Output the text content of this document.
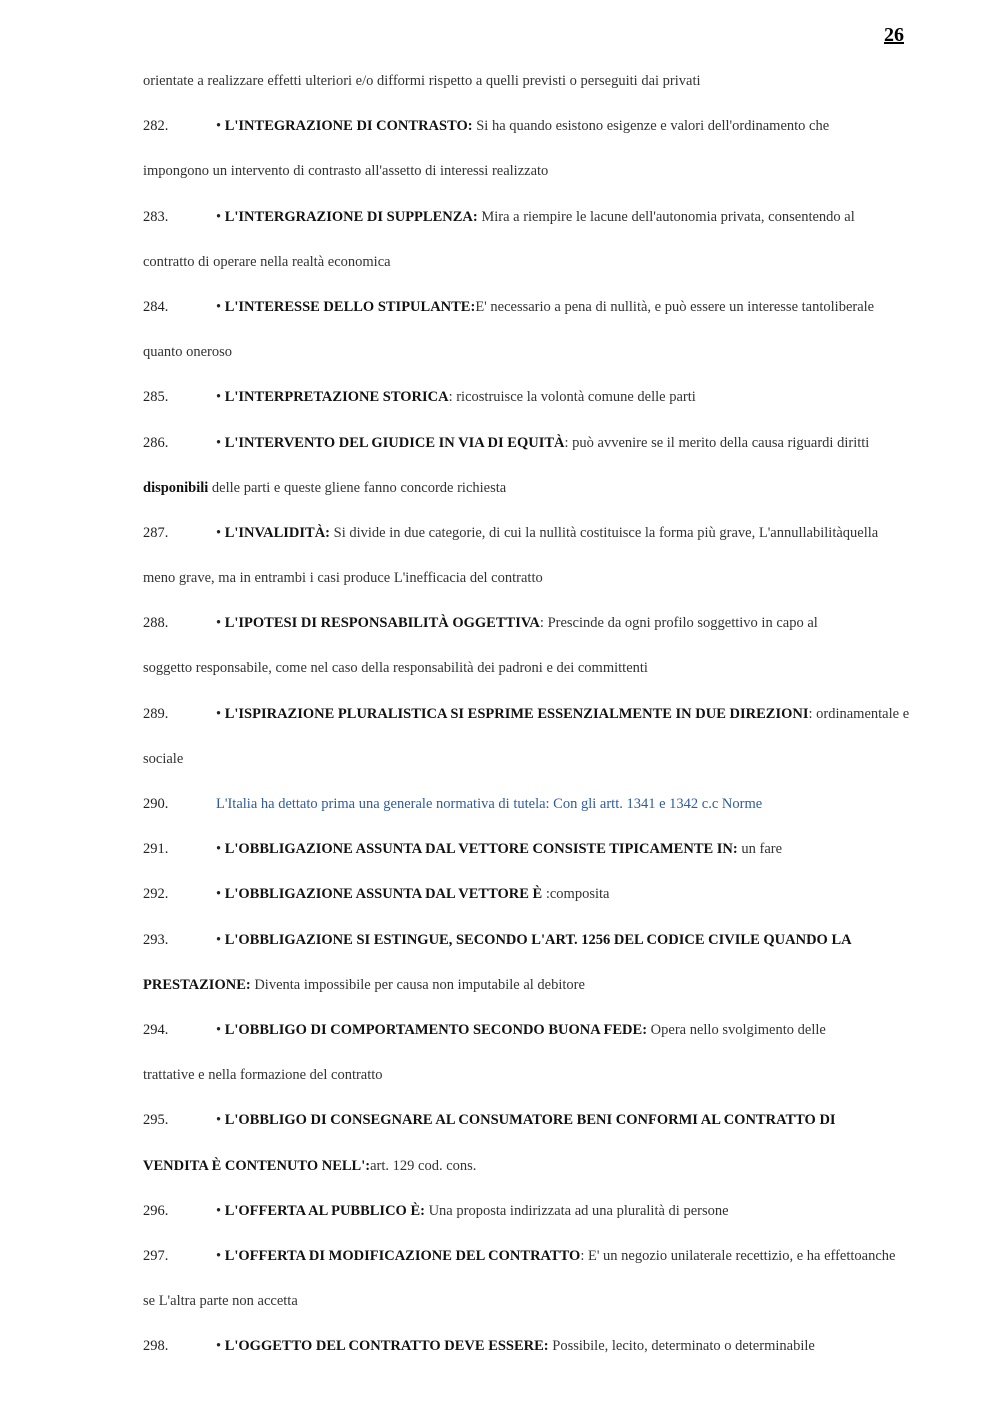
26
orientate a realizzare effetti ulteriori e/o difformi rispetto a quelli previsti o perseguiti dai privati
282.	• L'INTEGRAZIONE DI CONTRASTO: Si ha quando esistono esigenze e valori dell'ordinamento che
impongono un intervento di contrasto all'assetto di interessi realizzato
283.	• L'INTERGRAZIONE DI SUPPLENZA: Mira a riempire le lacune dell'autonomia privata, consentendo al
contratto di operare nella realtà economica
284.	• L'INTERESSE DELLO STIPULANTE:E' necessario a pena di nullità, e può essere un interesse tantoliberale
quanto oneroso
285.	• L'INTERPRETAZIONE STORICA: ricostruisce la volontà comune delle parti
286.	• L'INTERVENTO DEL GIUDICE IN VIA DI EQUITÀ: può avvenire se il merito della causa riguardi diritti
disponibili delle parti e queste gliene fanno concorde richiesta
287.	• L'INVALIDITÀ: Si divide in due categorie, di cui la nullità costituisce la forma più grave, L'annullabilitàquella
meno grave, ma in entrambi i casi produce L'inefficacia del contratto
288.	• L'IPOTESI DI RESPONSABILITÀ OGGETTIVA: Prescinde da ogni profilo soggettivo in capo al
soggetto responsabile, come nel caso della responsabilità dei padroni e dei committenti
289.	• L'ISPIRAZIONE PLURALISTICA SI ESPRIME ESSENZIALMENTE IN DUE DIREZIONI: ordinamentale e
sociale
290.	L'Italia ha dettato prima una generale normativa di tutela: Con gli artt. 1341 e 1342 c.c Norme
291.	• L'OBBLIGAZIONE ASSUNTA DAL VETTORE CONSISTE TIPICAMENTE IN: un fare
292.	• L'OBBLIGAZIONE ASSUNTA DAL VETTORE È :composita
293.	• L'OBBLIGAZIONE SI ESTINGUE, SECONDO L'ART. 1256 DEL CODICE CIVILE QUANDO LA
PRESTAZIONE: Diventa impossibile per causa non imputabile al debitore
294.	• L'OBBLIGO DI COMPORTAMENTO SECONDO BUONA FEDE: Opera nello svolgimento delle
trattative e nella formazione del contratto
295.	• L'OBBLIGO DI CONSEGNARE AL CONSUMATORE BENI CONFORMI AL CONTRATTO DI
VENDITA È CONTENUTO NELL':art. 129 cod. cons.
296.	• L'OFFERTA AL PUBBLICO È: Una proposta indirizzata ad una pluralità di persone
297.	• L'OFFERTA DI MODIFICAZIONE DEL CONTRATTO: E' un negozio unilaterale recettizio, e ha effettoanche
se L'altra parte non accetta
298.	• L'OGGETTO DEL CONTRATTO DEVE ESSERE: Possibile, lecito, determinato o determinabile
